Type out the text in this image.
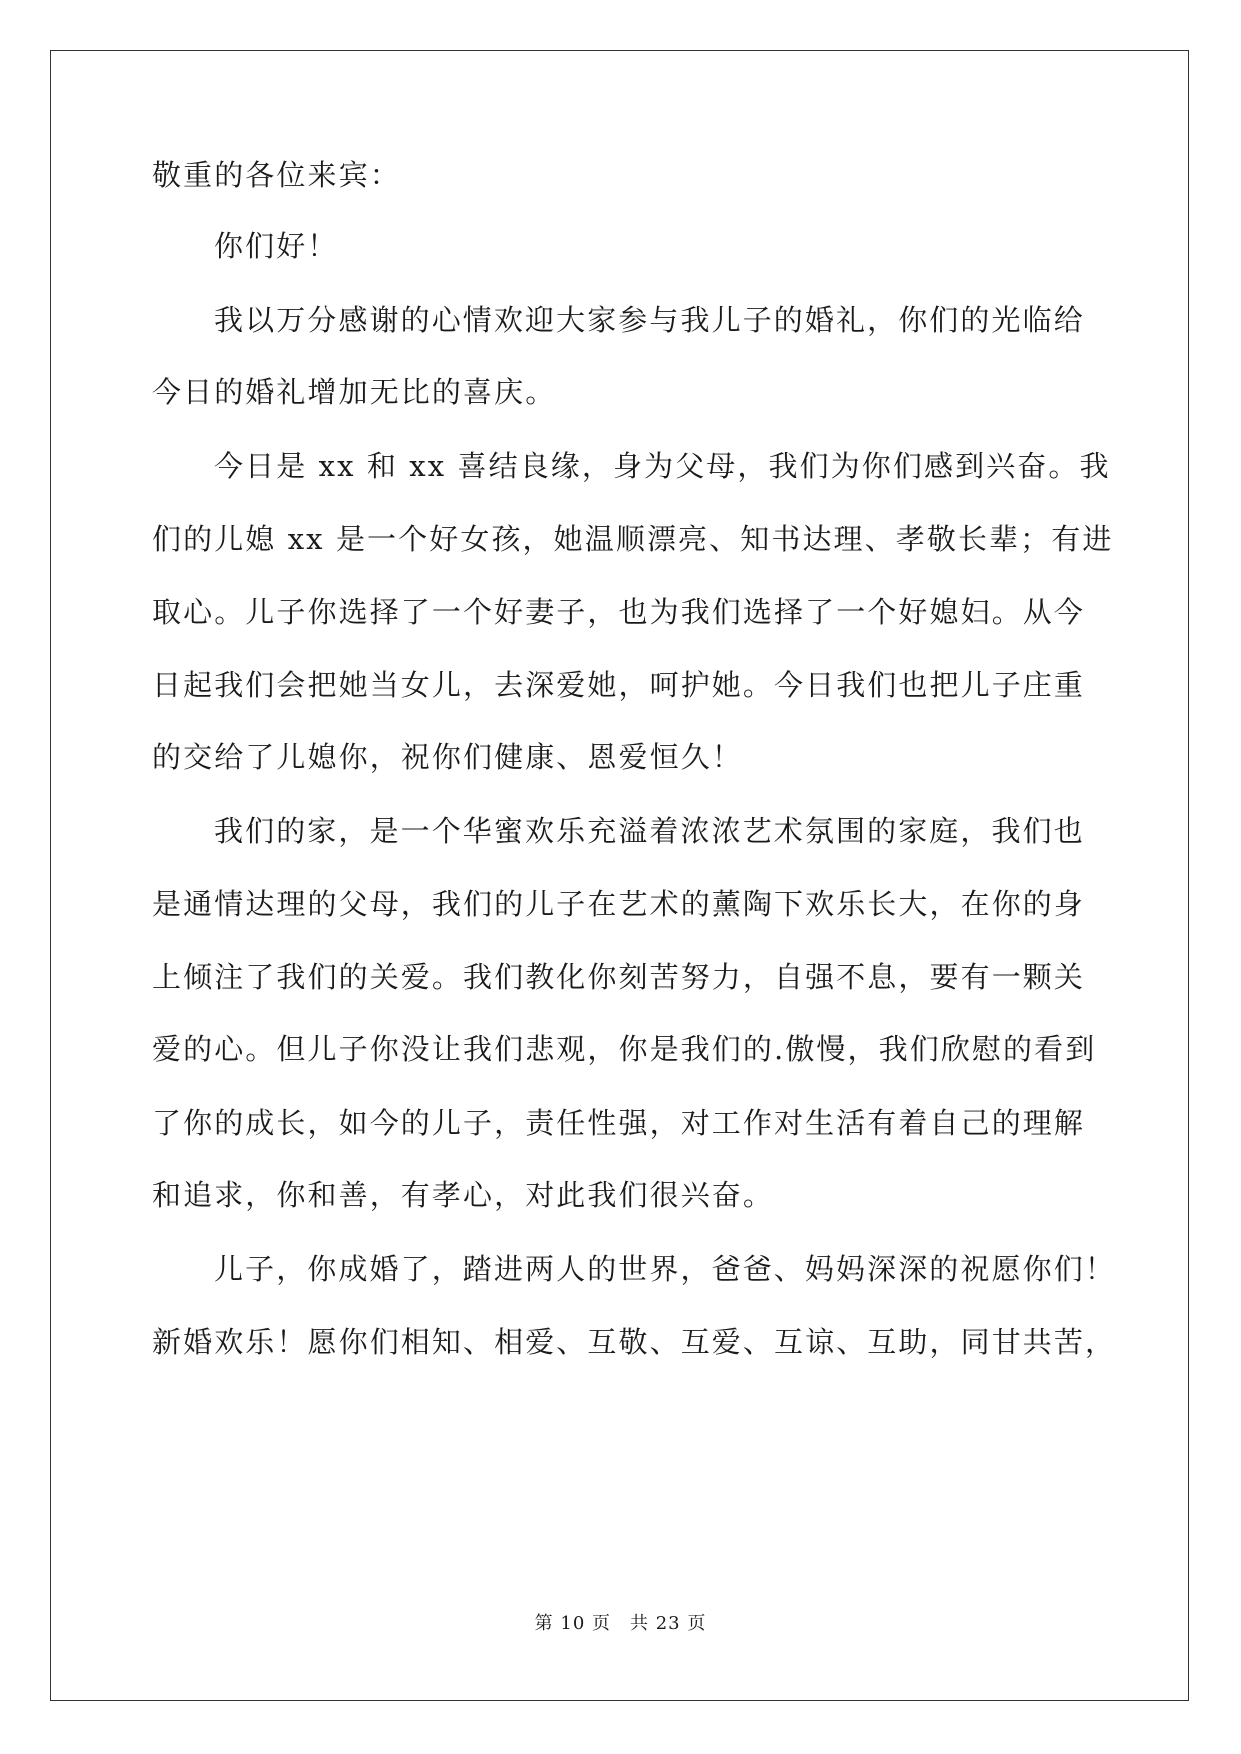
敬重的各位来宾：
你们好！
我以万分感谢的心情欢迎大家参与我儿子的婚礼，你们的光临给
今日的婚礼增加无比的喜庆。
今日是 xx 和 xx 喜结良缘，身为父母，我们为你们感到兴奋。我
们的儿媳 xx 是一个好女孩，她温顺漂亮、知书达理、孝敬长辈；有进
取心。儿子你选择了一个好妻子，也为我们选择了一个好媳妇。从今
日起我们会把她当女儿，去深爱她，呵护她。今日我们也把儿子庄重
的交给了儿媳你，祝你们健康、恩爱恒久！
我们的家，是一个华蜜欢乐充溢着浓浓艺术氛围的家庭，我们也
是通情达理的父母，我们的儿子在艺术的薰陶下欢乐长大，在你的身
上倾注了我们的关爱。我们教化你刻苦努力，自强不息，要有一颗关
爱的心。但儿子你没让我们悲观，你是我们的.傲慢，我们欣慰的看到
了你的成长，如今的儿子，责任性强，对工作对生活有着自己的理解
和追求，你和善，有孝心，对此我们很兴奋。
儿子，你成婚了，踏进两人的世界，爸爸、妈妈深深的祝愿你们！
新婚欢乐！愿你们相知、相爱、互敬、互爱、互谅、互助，同甘共苦，
第 10 页　共 23 页
